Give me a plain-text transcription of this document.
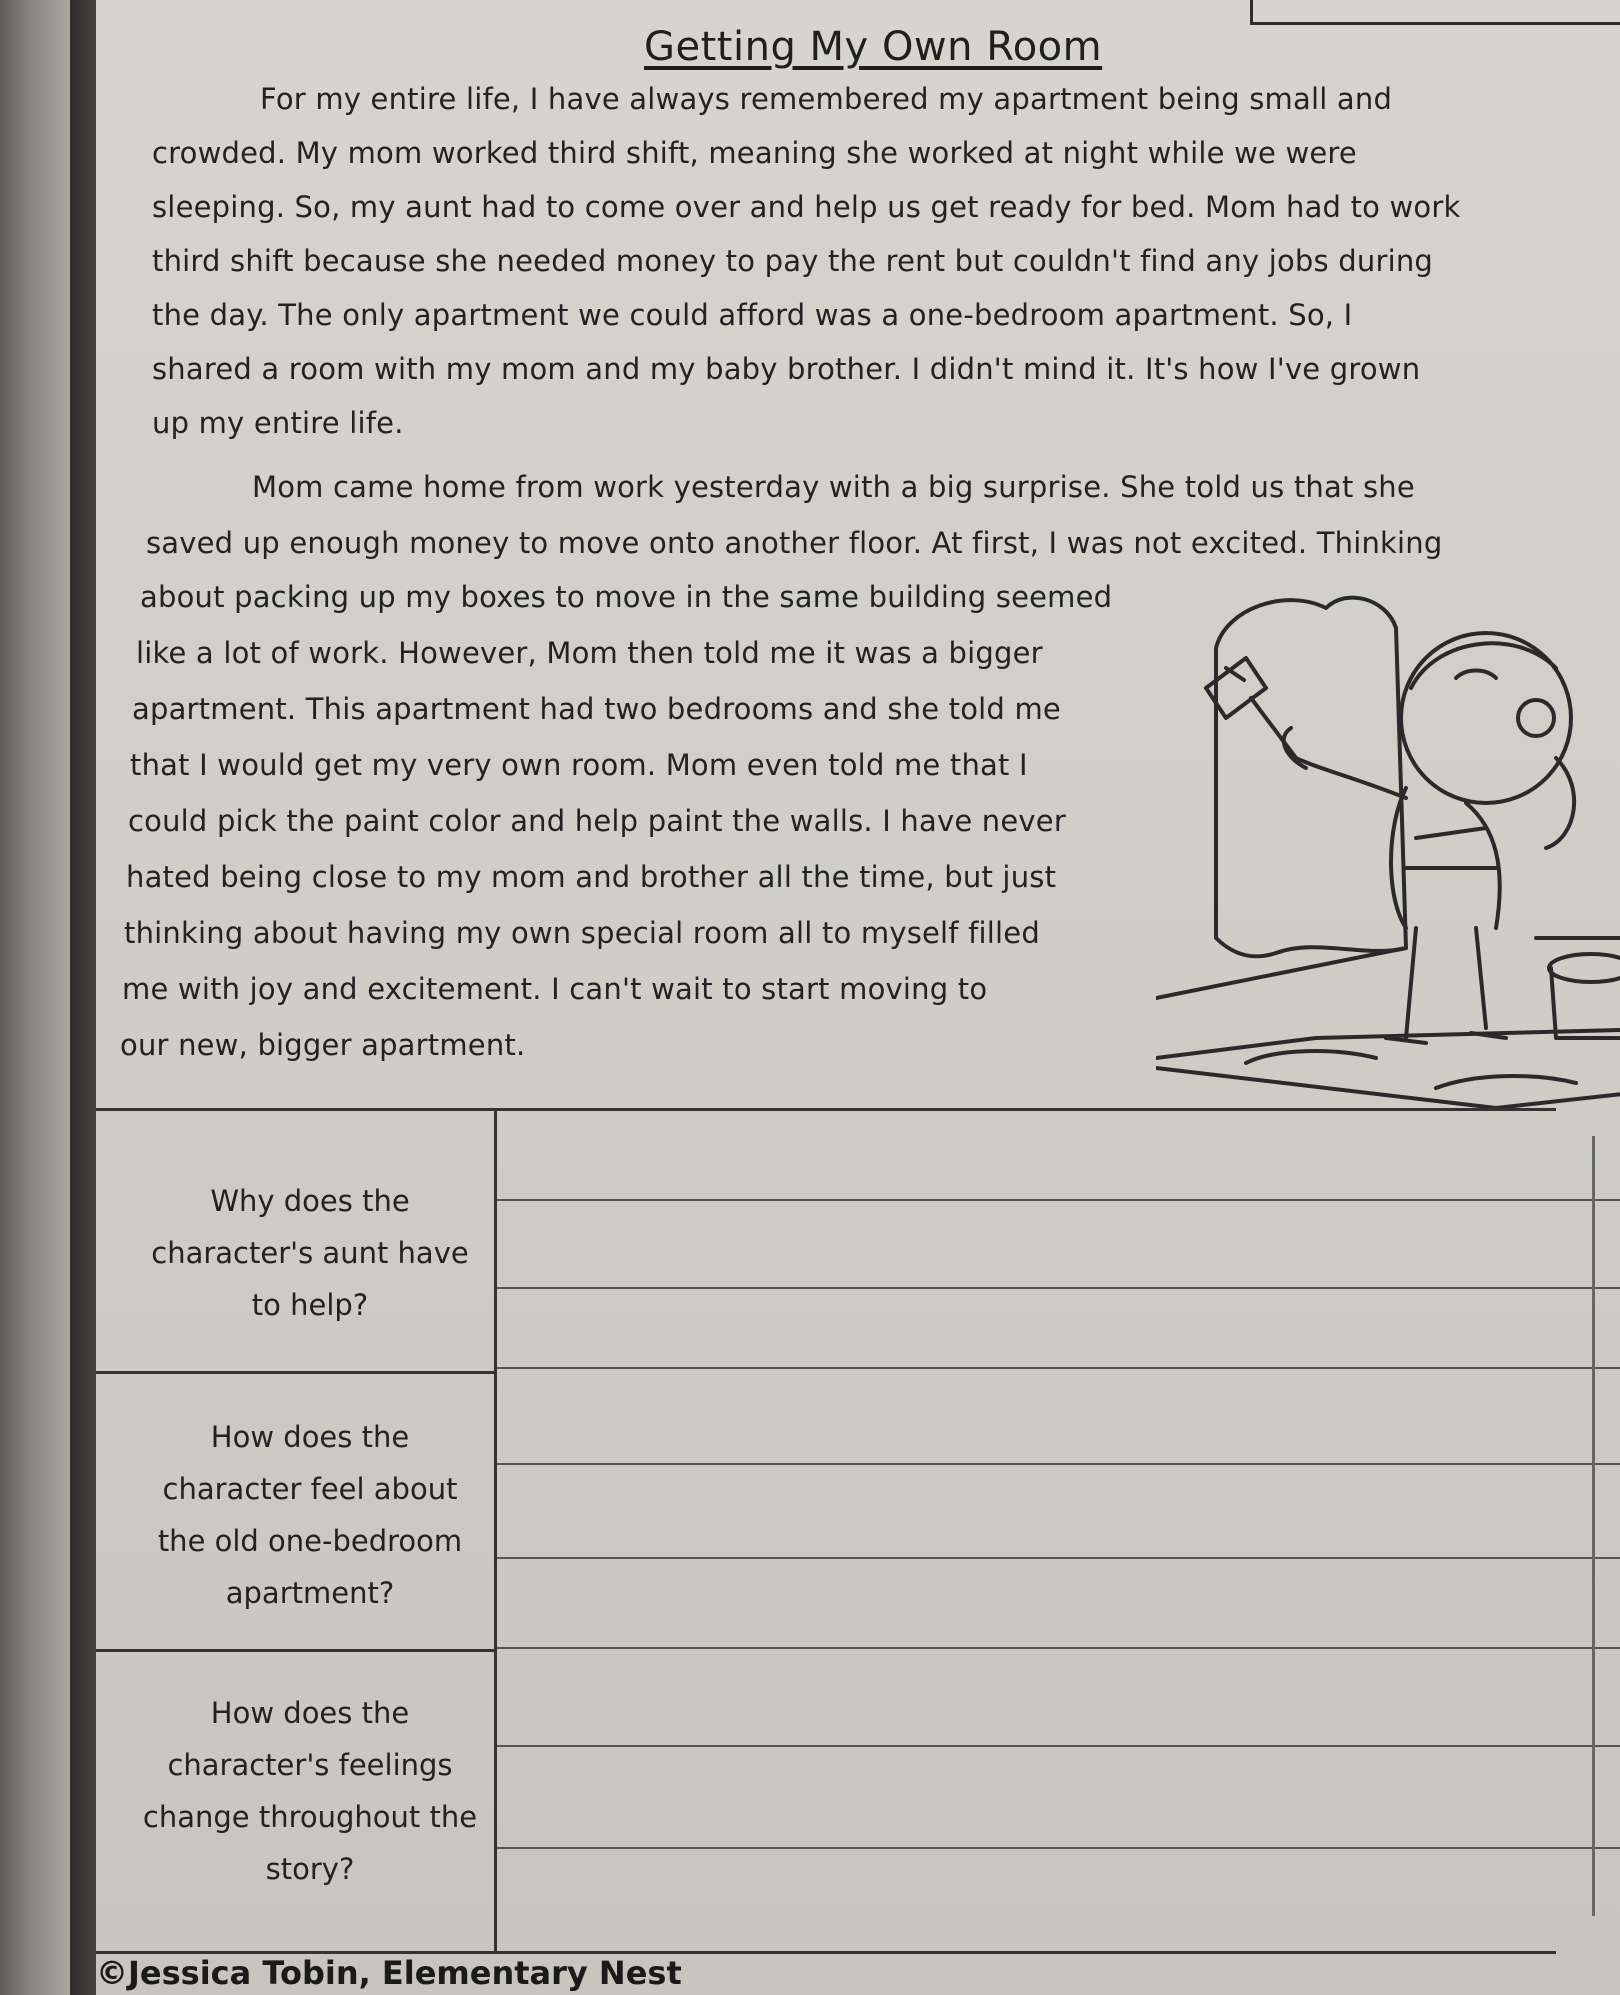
Getting My Own Room
For my entire life, I have always remembered my apartment being small and
crowded. My mom worked third shift, meaning she worked at night while we were
sleeping. So, my aunt had to come over and help us get ready for bed. Mom had to work
third shift because she needed money to pay the rent but couldn't find any jobs during
the day. The only apartment we could afford was a one-bedroom apartment. So, I
shared a room with my mom and my baby brother. I didn't mind it. It's how I've grown
up my entire life.
Mom came home from work yesterday with a big surprise. She told us that she
saved up enough money to move onto another floor. At first, I was not excited. Thinking
about packing up my boxes to move in the same building seemed
like a lot of work. However, Mom then told me it was a bigger
apartment. This apartment had two bedrooms and she told me
that I would get my very own room. Mom even told me that I
could pick the paint color and help paint the walls. I have never
hated being close to my mom and brother all the time, but just
thinking about having my own special room all to myself filled
me with joy and excitement. I can't wait to start moving to
our new, bigger apartment.
Why does the
character's aunt have
to help?
How does the
character feel about
the old one-bedroom
apartment?
How does the
character's feelings
change throughout the
story?
©Jessica Tobin, Elementary Nest
